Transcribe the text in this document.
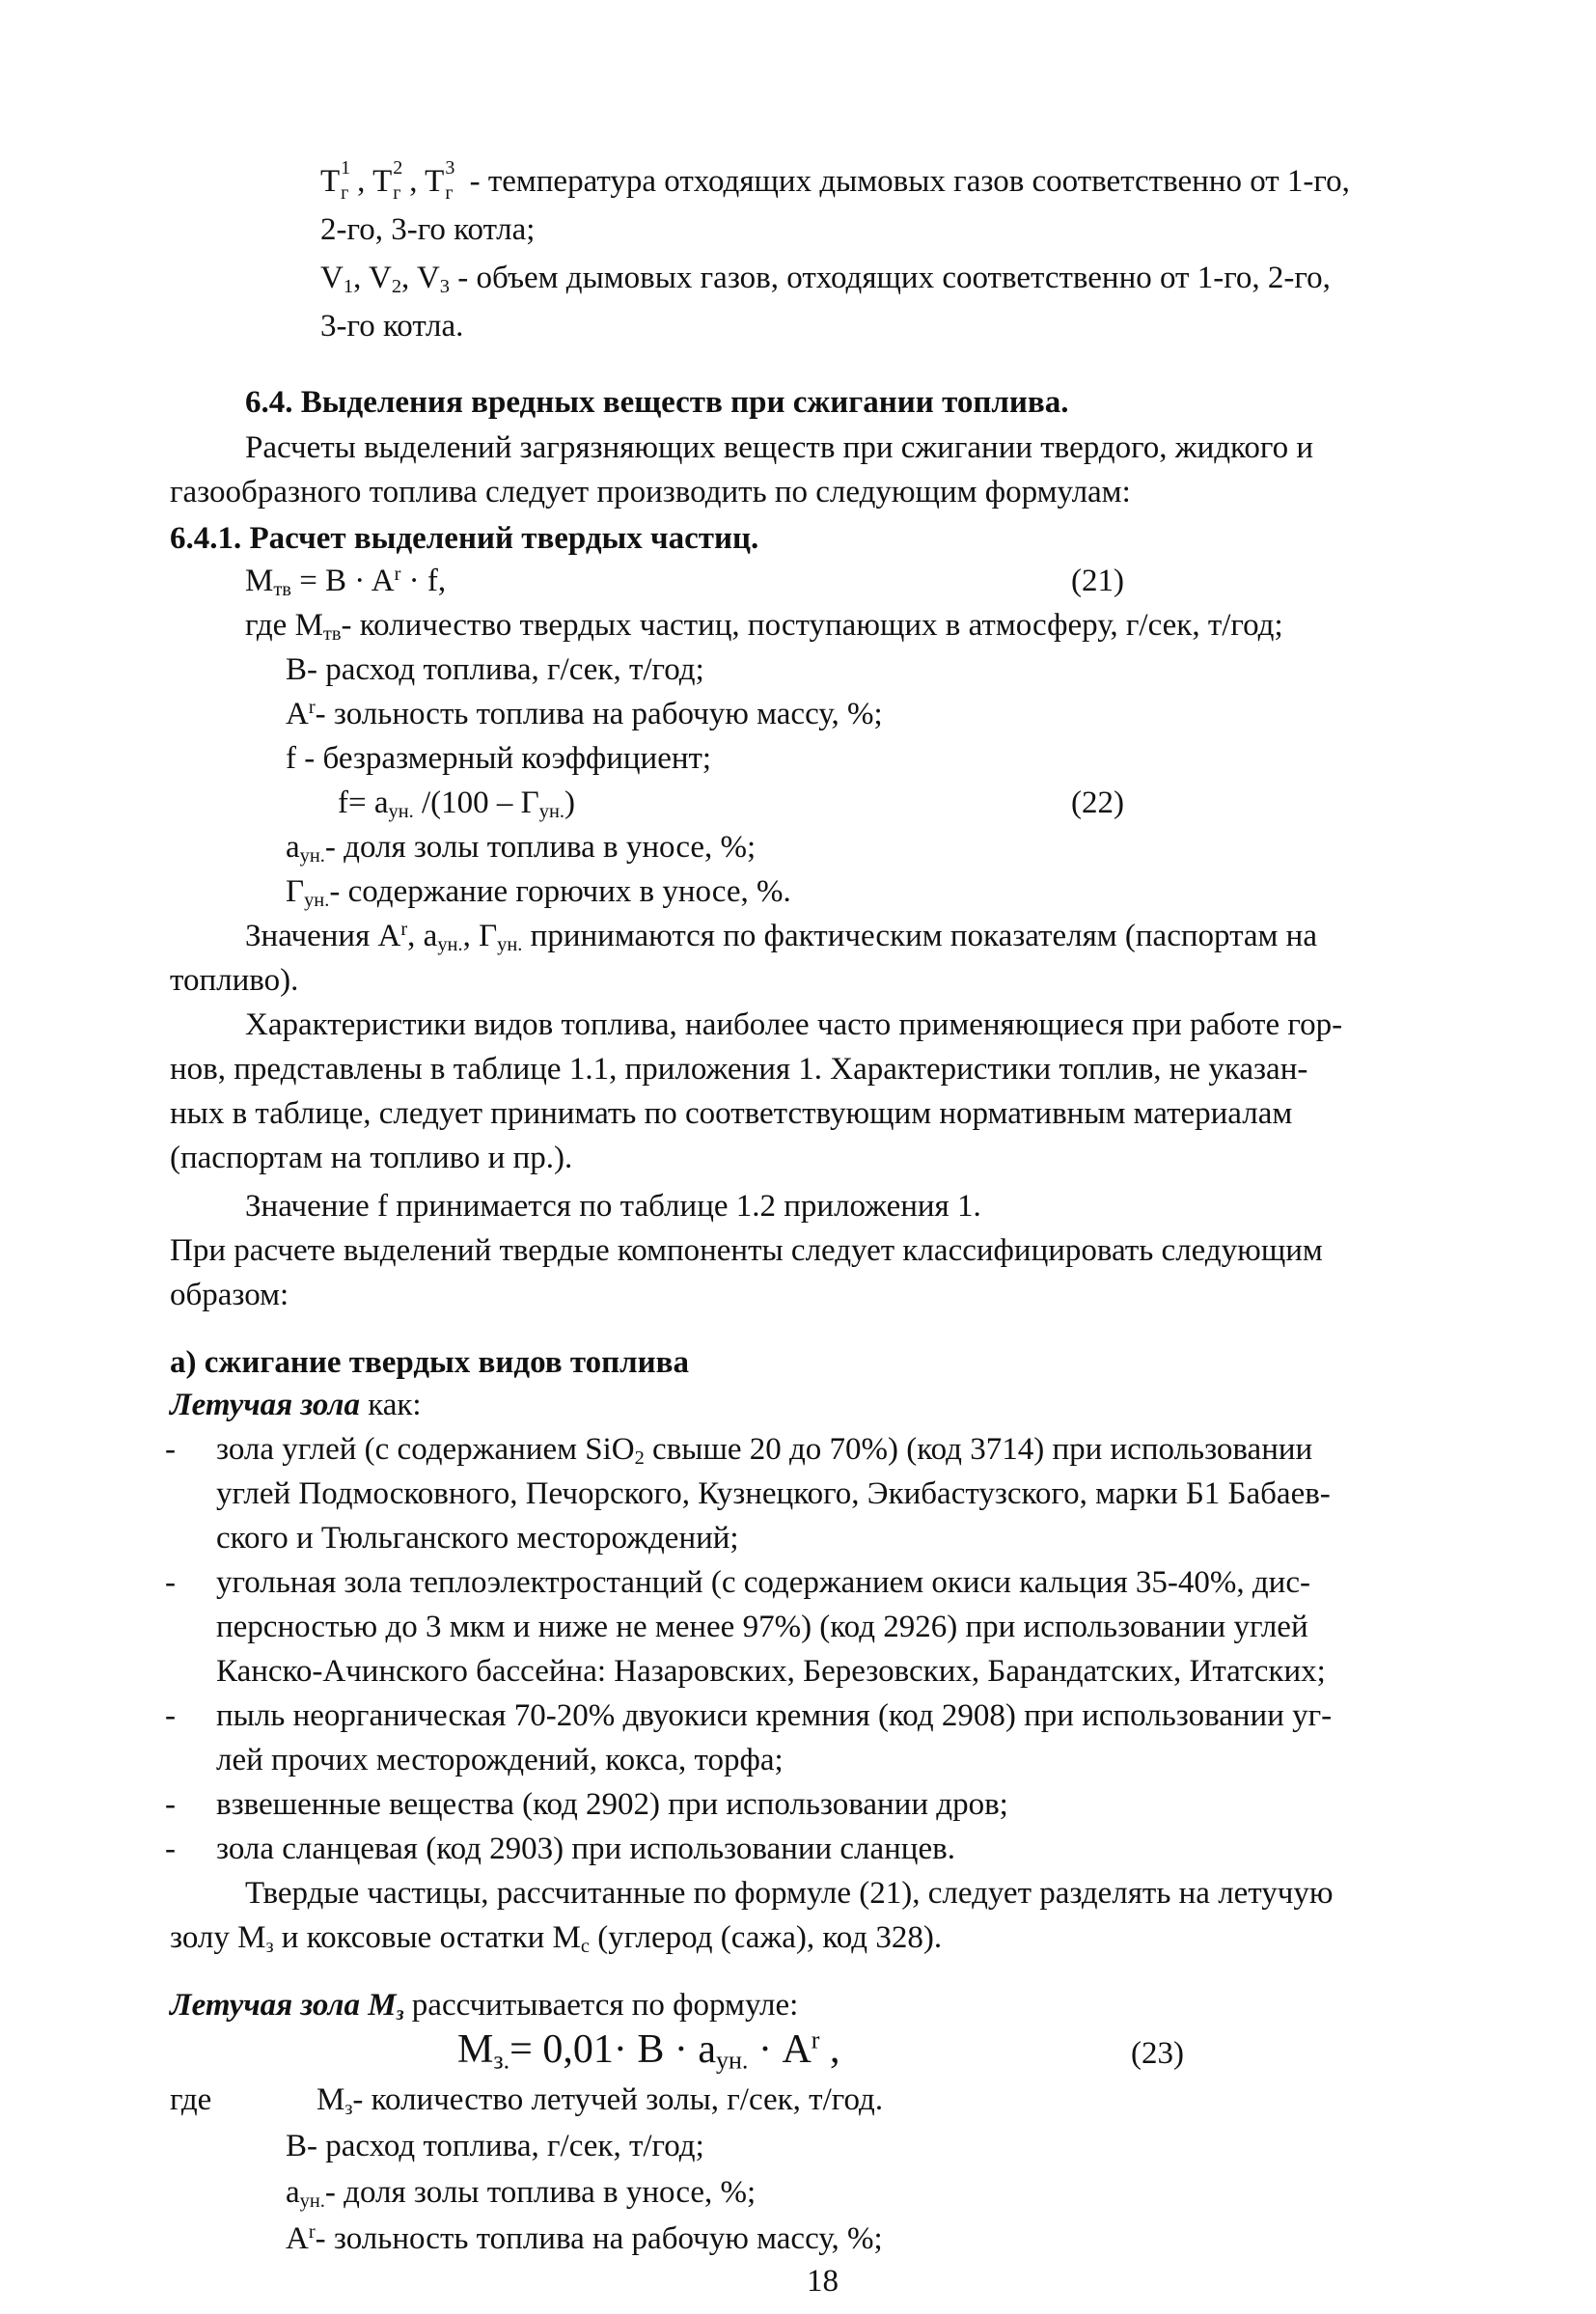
T 1
г , T 2
г , T 3
г - температура отходящих дымовых газов соответственно от 1-го,
2-го, 3-го котла;
$V_1$, $V_2$, $V_3$ - объем дымовых газов, отходящих соответственно от 1-го, 2-го,
3-го котла.
6.4. Выделения вредных веществ при сжигании топлива.
Расчеты выделений загрязняющих веществ при сжигании твердого, жидкого и
газообразного топлива следует производить по следующим формулам:
6.4.1. Расчет выделений твердых частиц.
$M_{тв} = B \cdot A^r \cdot f$,	(21)
где $M_{тв}-$ количество твердых частиц, поступающих в атмосферу, г/сек, т/год;
B- расход топлива, г/сек, т/год;
$A^r-$ зольность топлива на рабочую массу, %;
f - безразмерный коэффициент;
$f= a_{ун.}$ $/(100 - Г_{ун.})$	(22)
$a_{ун.}-$ доля золы топлива в уносе, %;
$Г_{ун.}-$ содержание горючих в уносе, %.
Значения $A^r$, $a_{ун.}$, $Г_{ун.}$ принимаются по фактическим показателям (паспортам на
топливо).
Характеристики видов топлива, наиболее часто применяющиеся при работе гор-
нов, представлены в таблице 1.1, приложения 1. Характеристики топлив, не указан-
ных в таблице, следует принимать по соответствующим нормативным материалам
(паспортам на топливо и пр.).
Значение f принимается по таблице 1.2 приложения 1.
При расчете выделений твердые компоненты следует классифицировать следующим
образом:
а) сжигание твердых видов топлива
Летучая зола как:
- зола углей (с содержанием SiO$_2$ свыше 20 до 70%) (код 3714) при использовании
углей Подмосковного, Печорского, Кузнецкого, Экибастузского, марки Б1 Бабаев-
ского и Тюльганского месторождений;
- угольная зола теплоэлектростанций (с содержанием окиси кальция 35-40%, дис-
персностью до 3 мкм и ниже не менее 97%) (код 2926) при использовании углей
Канско-Ачинского бассейна: Назаровских, Березовских, Барандатских, Итатских;
- пыль неорганическая 70-20% двуокиси кремния (код 2908) при использовании уг-
лей прочих месторождений, кокса, торфа;
- взвешенные вещества (код 2902) при использовании дров;
- зола сланцевая (код 2903) при использовании сланцев.
Твердые частицы, рассчитанные по формуле (21), следует разделять на летучую
золу $M_з$ и коксовые остатки $M_с$ (углерод (сажа), код 328).
Летучая зола $M_з$ рассчитывается по формуле:
$M_{з.}= 0,01\cdot B \cdot a_{ун.} \cdot A^r$ ,	(23)
где	$M_з-$ количество летучей золы, г/сек, т/год.
B- расход топлива, г/сек, т/год;
$a_{ун.}-$ доля золы топлива в уносе, %;
$A^r-$ зольность топлива на рабочую массу, %;
18
